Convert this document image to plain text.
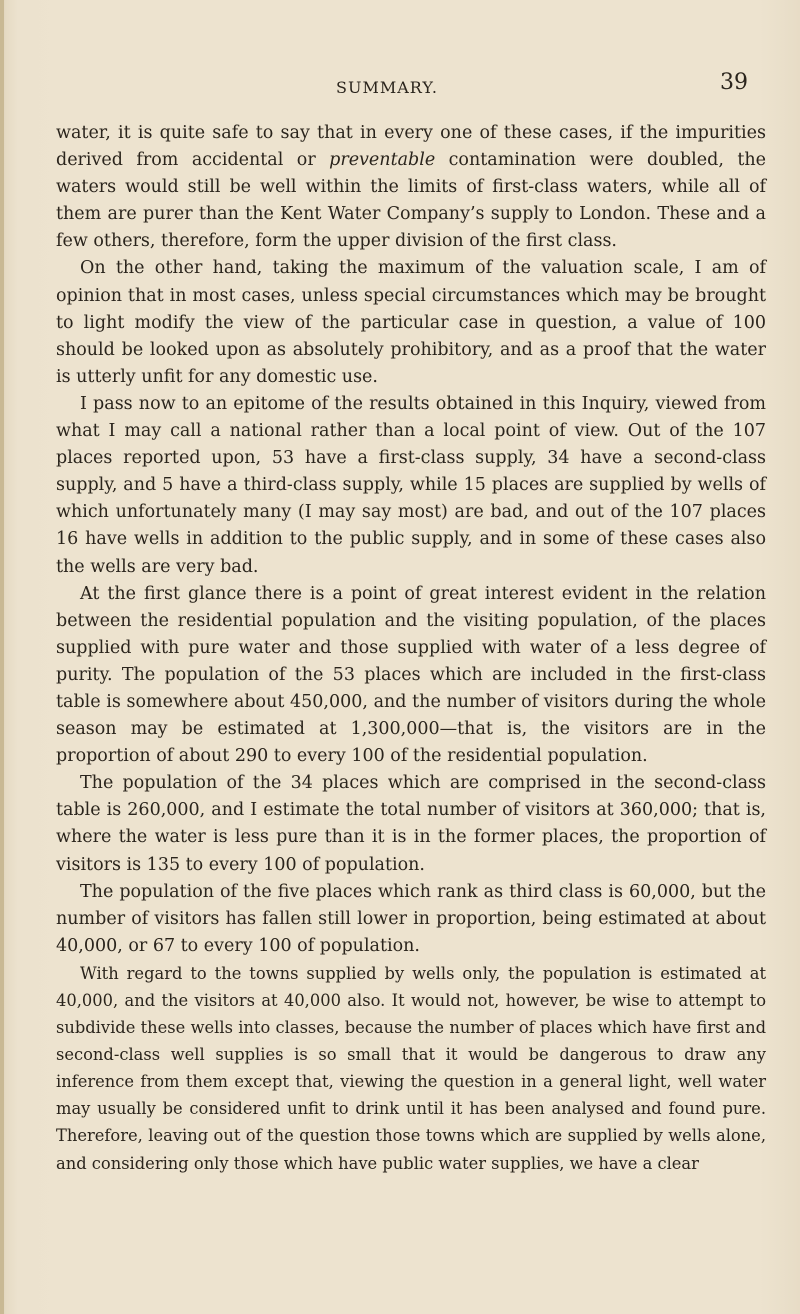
SUMMARY.	39

water, it is quite safe to say that in every one of these cases, if the impurities derived from accidental or preventable contamination were doubled, the waters would still be well within the limits of first-class waters, while all of them are purer than the Kent Water Company’s supply to London. These and a few others, therefore, form the upper division of the first class.

On the other hand, taking the maximum of the valuation scale, I am of opinion that in most cases, unless special circumstances which may be brought to light modify the view of the particular case in question, a value of 100 should be looked upon as absolutely prohibitory, and as a proof that the water is utterly unfit for any domestic use.

I pass now to an epitome of the results obtained in this Inquiry, viewed from what I may call a national rather than a local point of view. Out of the 107 places reported upon, 53 have a first-class supply, 34 have a second-class supply, and 5 have a third-class supply, while 15 places are supplied by wells of which unfortunately many (I may say most) are bad, and out of the 107 places 16 have wells in addition to the public supply, and in some of these cases also the wells are very bad.

At the first glance there is a point of great interest evident in the relation between the residential population and the visiting population, of the places supplied with pure water and those supplied with water of a less degree of purity. The population of the 53 places which are included in the first-class table is somewhere about 450,000, and the number of visitors during the whole season may be estimated at 1,300,000—that is, the visitors are in the proportion of about 290 to every 100 of the residential population.

The population of the 34 places which are comprised in the second-class table is 260,000, and I estimate the total number of visitors at 360,000; that is, where the water is less pure than it is in the former places, the proportion of visitors is 135 to every 100 of population.

The population of the five places which rank as third class is 60,000, but the number of visitors has fallen still lower in proportion, being estimated at about 40,000, or 67 to every 100 of population.

With regard to the towns supplied by wells only, the population is estimated at 40,000, and the visitors at 40,000 also. It would not, however, be wise to attempt to subdivide these wells into classes, because the number of places which have first and second-class well supplies is so small that it would be dangerous to draw any inference from them except that, viewing the question in a general light, well water may usually be considered unfit to drink until it has been analysed and found pure. Therefore, leaving out of the question those towns which are supplied by wells alone, and considering only those which have public water supplies, we have a clear
